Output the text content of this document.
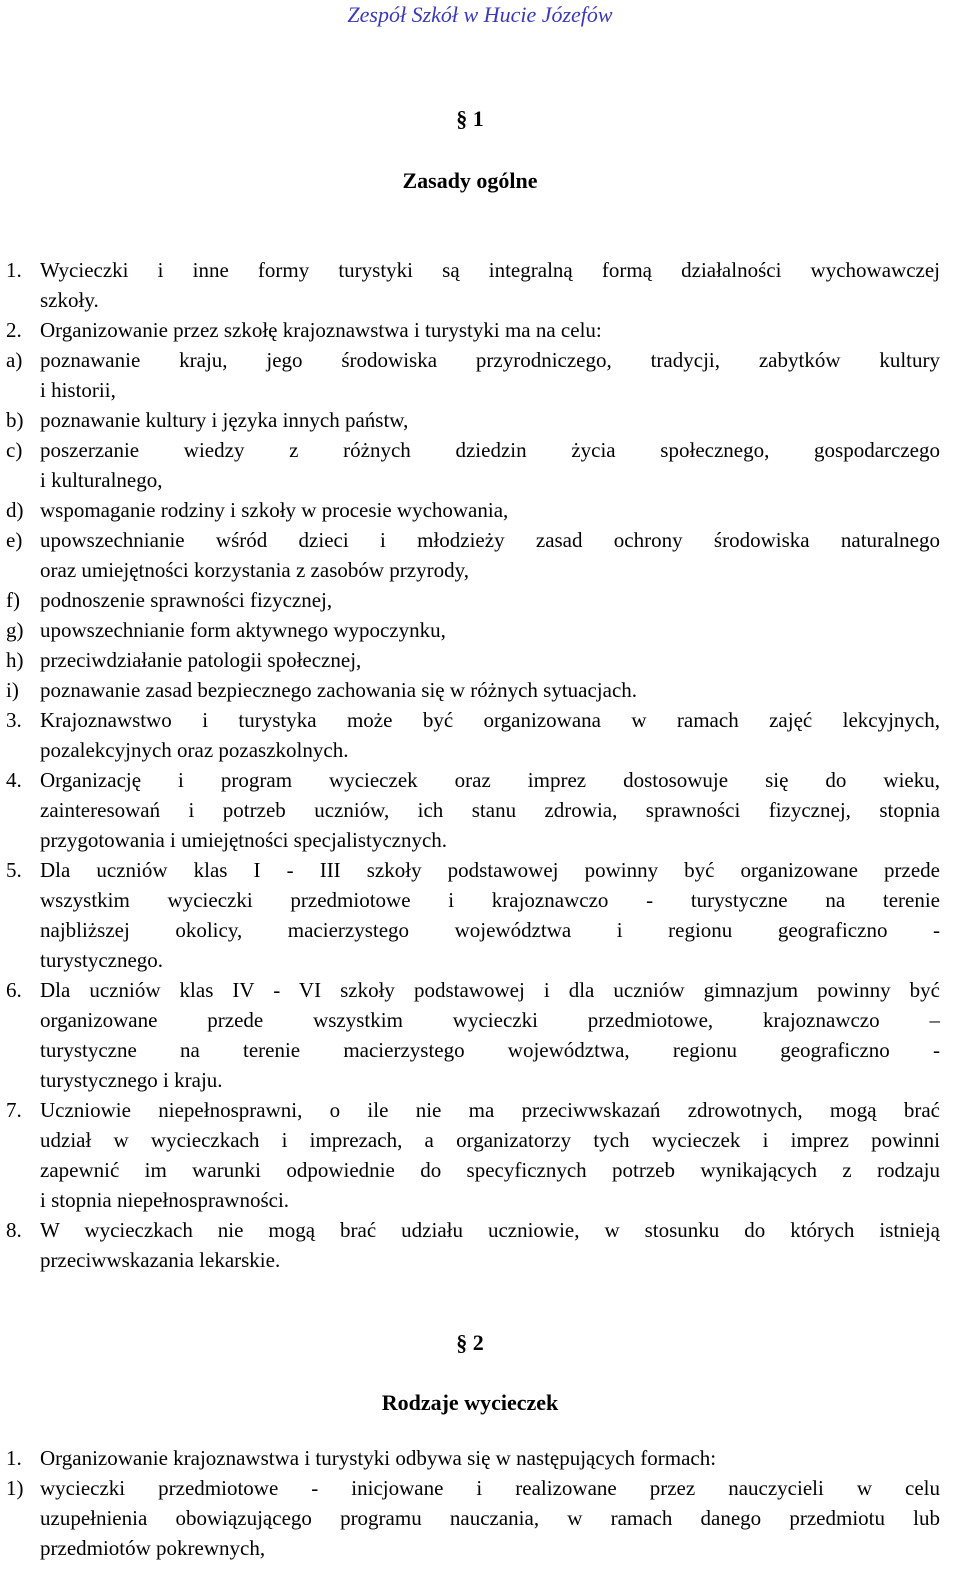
Zespół Szkół w Hucie Józefów
§ 1
Zasady ogólne
1. Wycieczki i inne formy turystyki są integralną formą działalności wychowawczej
szkoły.
2. Organizowanie przez szkołę krajoznawstwa i turystyki ma na celu:
a) poznawanie kraju, jego środowiska przyrodniczego, tradycji, zabytków kultury
i historii,
b) poznawanie kultury i języka innych państw,
c) poszerzanie wiedzy z różnych dziedzin życia społecznego, gospodarczego
i kulturalnego,
d) wspomaganie rodziny i szkoły w procesie wychowania,
e) upowszechnianie wśród dzieci i młodzieży zasad ochrony środowiska naturalnego
oraz umiejętności korzystania z zasobów przyrody,
f) podnoszenie sprawności fizycznej,
g) upowszechnianie form aktywnego wypoczynku,
h) przeciwdziałanie patologii społecznej,
i) poznawanie zasad bezpiecznego zachowania się w różnych sytuacjach.
3. Krajoznawstwo i turystyka może być organizowana w ramach zajęć lekcyjnych,
pozalekcyjnych oraz pozaszkolnych.
4. Organizację i program wycieczek oraz imprez dostosowuje się do wieku,
zainteresowań i potrzeb uczniów, ich stanu zdrowia, sprawności fizycznej, stopnia
przygotowania i umiejętności specjalistycznych.
5. Dla uczniów klas I - III szkoły podstawowej powinny być organizowane przede
wszystkim wycieczki przedmiotowe i krajoznawczo - turystyczne na terenie
najbliższej okolicy, macierzystego województwa i regionu geograficzno -
turystycznego.
6. Dla uczniów klas IV - VI szkoły podstawowej i dla uczniów gimnazjum powinny być
organizowane przede wszystkim wycieczki przedmiotowe, krajoznawczo –
turystyczne na terenie macierzystego województwa, regionu geograficzno -
turystycznego i kraju.
7. Uczniowie niepełnosprawni, o ile nie ma przeciwwskazań zdrowotnych, mogą brać
udział w wycieczkach i imprezach, a organizatorzy tych wycieczek i imprez powinni
zapewnić im warunki odpowiednie do specyficznych potrzeb wynikających z rodzaju
i stopnia niepełnosprawności.
8. W wycieczkach nie mogą brać udziału uczniowie, w stosunku do których istnieją
przeciwwskazania lekarskie.
§ 2
Rodzaje wycieczek
1. Organizowanie krajoznawstwa i turystyki odbywa się w następujących formach:
1) wycieczki przedmiotowe - inicjowane i realizowane przez nauczycieli w celu
uzupełnienia obowiązującego programu nauczania, w ramach danego przedmiotu lub
przedmiotów pokrewnych,
